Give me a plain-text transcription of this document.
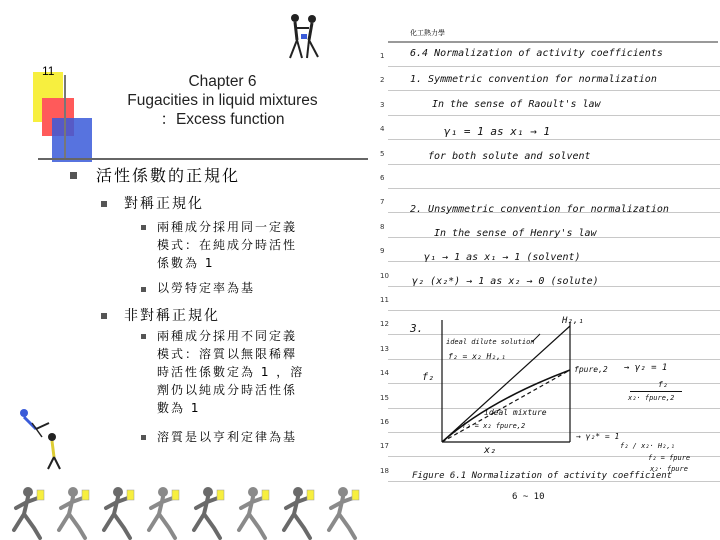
11
Chapter 6
Fugacities in liquid mixtures
：Excess function
活性係數的正規化
對稱正規化
兩種成分採用同一定義
模式：在純成分時活性
係數為 1
以勞特定率為基
非對稱正規化
兩種成分採用不同定義
模式：溶質以無限稀釋
時活性係數定為 1 ，溶
劑仍以純成分時活性係
數為 1
溶質是以亨利定律為基
化工熱力學
1
2
3
4
5
6
7
8
9
10
11
12
13
14
15
16
17
18
6.4 Normalization of activity coefficients
1. Symmetric convention for normalization
In the sense of Raoult's law
γ₁ = 1 as x₁ → 1
for both solute and solvent
2. Unsymmetric convention for normalization
In the sense of Henry's law
γ₁ → 1 as x₁ → 1 (solvent)
γ₂ (x₂*) → 1 as x₂ → 0 (solute)
3.
H₂,₁
ideal dilute solution
f₂ = x₂ H₂,₁
f₂
fpure,2 → γ₂ = 1
f₂
x₂· fpure,2
ideal mixture
f₂ = x₂ fpure,2
x₂
→ γ₂* = 1
f₂ / x₂· H₂,₁
f₂ = fpure
x₂· fpure
Figure 6.1 Normalization of activity coefficient
6 ~ 10
